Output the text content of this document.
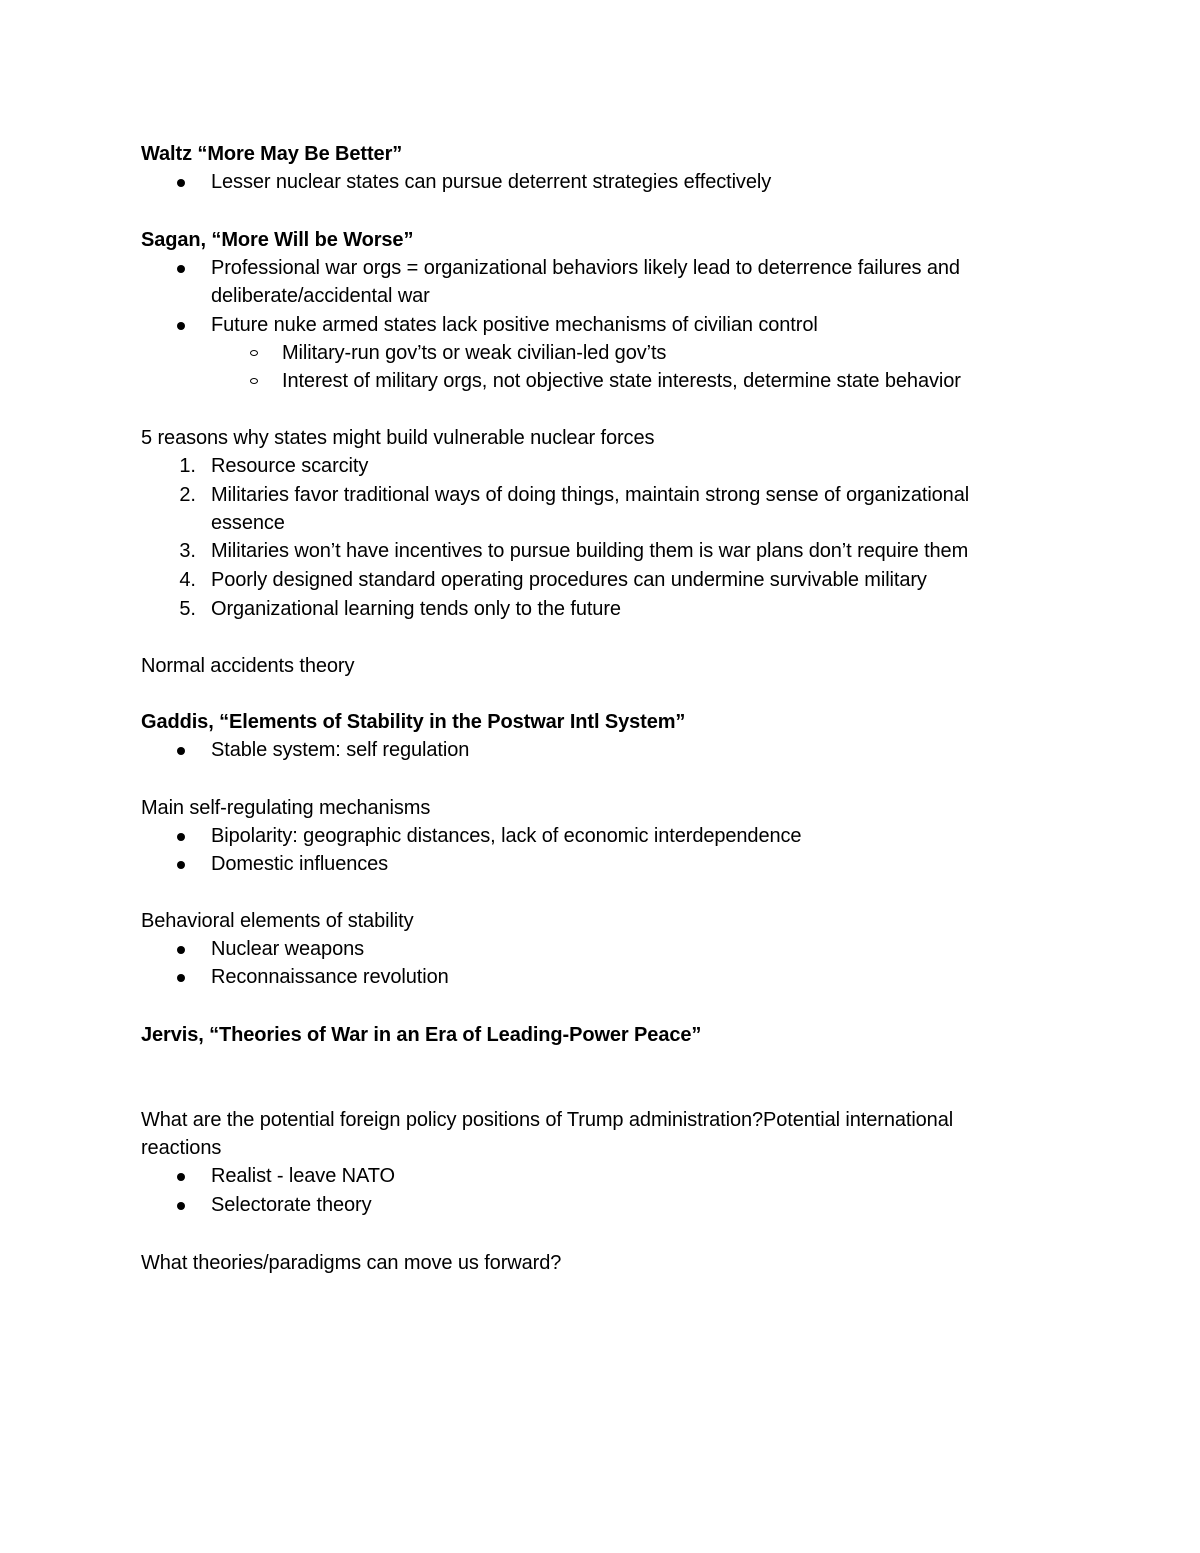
Waltz “More May Be Better”
Lesser nuclear states can pursue deterrent strategies effectively
Sagan, “More Will be Worse”
Professional war orgs = organizational behaviors likely lead to deterrence failures and
deliberate/accidental war
Future nuke armed states lack positive mechanisms of civilian control
Military-run gov’ts or weak civilian-led gov’ts
Interest of military orgs, not objective state interests, determine state behavior
5 reasons why states might build vulnerable nuclear forces
1. Resource scarcity
2. Militaries favor traditional ways of doing things, maintain strong sense of organizational
essence
3. Militaries won’t have incentives to pursue building them is war plans don’t require them
4. Poorly designed standard operating procedures can undermine survivable military
5. Organizational learning tends only to the future
Normal accidents theory
Gaddis, “Elements of Stability in the Postwar Intl System”
Stable system: self regulation
Main self-regulating mechanisms
Bipolarity: geographic distances, lack of economic interdependence
Domestic influences
Behavioral elements of stability
Nuclear weapons
Reconnaissance revolution
Jervis, “Theories of War in an Era of Leading-Power Peace”
What are the potential foreign policy positions of Trump administration?Potential international
reactions
Realist - leave NATO
Selectorate theory
What theories/paradigms can move us forward?
